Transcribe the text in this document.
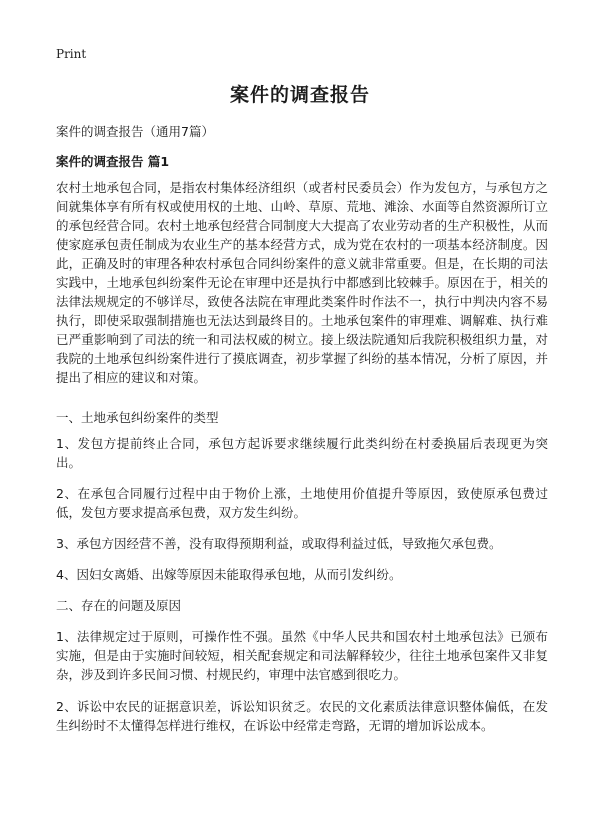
Print
案件的调查报告
案件的调查报告（通用7篇）
案件的调查报告 篇1

农村土地承包合同，是指农村集体经济组织（或者村民委员会）作为发包方，与承包方之间就集体享有所有权或使用权的土地、山岭、草原、荒地、滩涂、水面等自然资源所订立的承包经营合同。农村土地承包经营合同制度大大提高了农业劳动者的生产积极性，从而使家庭承包责任制成为农业生产的基本经营方式，成为党在农村的一项基本经济制度。因此，正确及时的审理各种农村承包合同纠纷案件的意义就非常重要。但是，在长期的司法实践中，土地承包纠纷案件无论在审理中还是执行中都感到比较棘手。原因在于，相关的法律法规规定的不够详尽，致使各法院在审理此类案件时作法不一，执行中判决内容不易执行，即使采取强制措施也无法达到最终目的。土地承包案件的审理难、调解难、执行难已严重影响到了司法的统一和司法权威的树立。接上级法院通知后我院积极组织力量，对我院的土地承包纠纷案件进行了摸底调查，初步掌握了纠纷的基本情况，分析了原因，并提出了相应的建议和对策。

一、土地承包纠纷案件的类型

1、发包方提前终止合同，承包方起诉要求继续履行此类纠纷在村委换届后表现更为突出。

2、在承包合同履行过程中由于物价上涨，土地使用价值提升等原因，致使原承包费过低，发包方要求提高承包费，双方发生纠纷。

3、承包方因经营不善，没有取得预期利益，或取得利益过低，导致拖欠承包费。

4、因妇女离婚、出嫁等原因未能取得承包地，从而引发纠纷。

二、存在的问题及原因

1、法律规定过于原则，可操作性不强。虽然《中华人民共和国农村土地承包法》已颁布实施，但是由于实施时间较短，相关配套规定和司法解释较少，往往土地承包案件又非复杂，涉及到许多民间习惯、村规民约，审理中法官感到很吃力。

2、诉讼中农民的证据意识差，诉讼知识贫乏。农民的文化素质法律意识整体偏低，在发生纠纷时不太懂得怎样进行维权，在诉讼中经常走弯路，无谓的增加诉讼成本。
